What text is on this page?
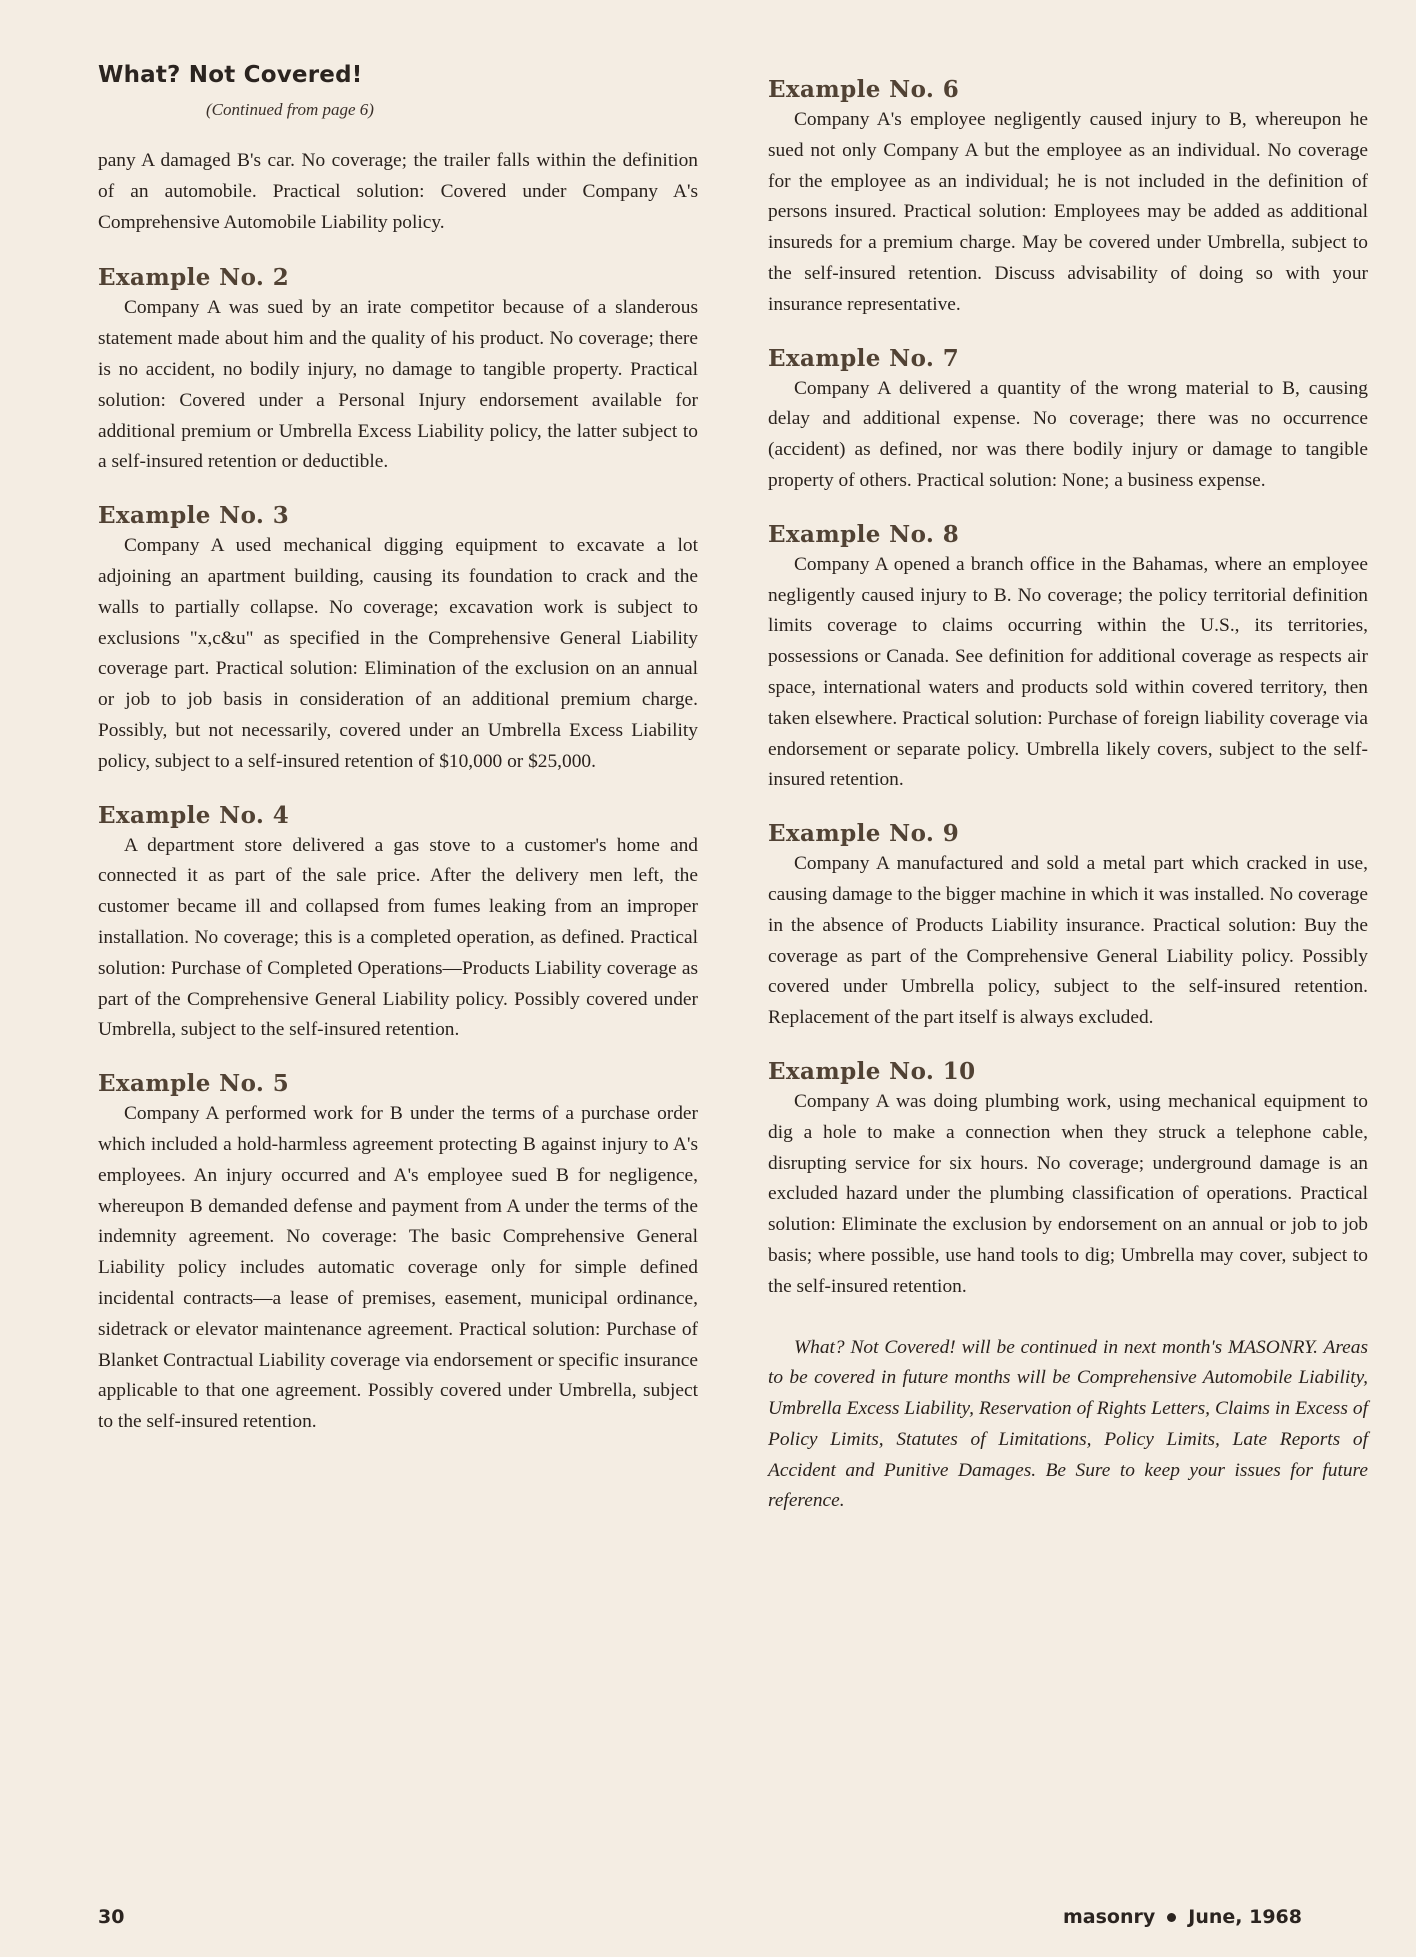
What? Not Covered!
(Continued from page 6)

pany A damaged B's car. No coverage; the trailer falls within the definition of an automobile. Practical solution: Covered under Company A's Comprehensive Automobile Liability policy.

Example No. 2

Company A was sued by an irate competitor because of a slanderous statement made about him and the quality of his product. No coverage; there is no accident, no bodily injury, no damage to tangible property. Practical solution: Covered under a Personal Injury endorsement available for additional premium or Umbrella Excess Liability policy, the latter subject to a self-insured retention or deductible.

Example No. 3

Company A used mechanical digging equipment to excavate a lot adjoining an apartment building, causing its foundation to crack and the walls to partially collapse. No coverage; excavation work is subject to exclusions "x,c&u" as specified in the Comprehensive General Liability coverage part. Practical solution: Elimination of the exclusion on an annual or job to job basis in consideration of an additional premium charge. Possibly, but not necessarily, covered under an Umbrella Excess Liability policy, subject to a self-insured retention of $10,000 or $25,000.

Example No. 4

A department store delivered a gas stove to a customer's home and connected it as part of the sale price. After the delivery men left, the customer became ill and collapsed from fumes leaking from an improper installation. No coverage; this is a completed operation, as defined. Practical solution: Purchase of Completed Operations—Products Liability coverage as part of the Comprehensive General Liability policy. Possibly covered under Umbrella, subject to the self-insured retention.

Example No. 5

Company A performed work for B under the terms of a purchase order which included a hold-harmless agreement protecting B against injury to A's employees. An injury occurred and A's employee sued B for negligence, whereupon B demanded defense and payment from A under the terms of the indemnity agreement. No coverage: The basic Comprehensive General Liability policy includes automatic coverage only for simple defined incidental contracts—a lease of premises, easement, municipal ordinance, sidetrack or elevator maintenance agreement. Practical solution: Purchase of Blanket Contractual Liability coverage via endorsement or specific insurance applicable to that one agreement. Possibly covered under Umbrella, subject to the self-insured retention.

Example No. 6

Company A's employee negligently caused injury to B, whereupon he sued not only Company A but the employee as an individual. No coverage for the employee as an individual; he is not included in the definition of persons insured. Practical solution: Employees may be added as additional insureds for a premium charge. May be covered under Umbrella, subject to the self-insured retention. Discuss advisability of doing so with your insurance representative.

Example No. 7

Company A delivered a quantity of the wrong material to B, causing delay and additional expense. No coverage; there was no occurrence (accident) as defined, nor was there bodily injury or damage to tangible property of others. Practical solution: None; a business expense.

Example No. 8

Company A opened a branch office in the Bahamas, where an employee negligently caused injury to B. No coverage; the policy territorial definition limits coverage to claims occurring within the U.S., its territories, possessions or Canada. See definition for additional coverage as respects air space, international waters and products sold within covered territory, then taken elsewhere. Practical solution: Purchase of foreign liability coverage via endorsement or separate policy. Umbrella likely covers, subject to the self-insured retention.

Example No. 9

Company A manufactured and sold a metal part which cracked in use, causing damage to the bigger machine in which it was installed. No coverage in the absence of Products Liability insurance. Practical solution: Buy the coverage as part of the Comprehensive General Liability policy. Possibly covered under Umbrella policy, subject to the self-insured retention. Replacement of the part itself is always excluded.

Example No. 10

Company A was doing plumbing work, using mechanical equipment to dig a hole to make a connection when they struck a telephone cable, disrupting service for six hours. No coverage; underground damage is an excluded hazard under the plumbing classification of operations. Practical solution: Eliminate the exclusion by endorsement on an annual or job to job basis; where possible, use hand tools to dig; Umbrella may cover, subject to the self-insured retention.

What? Not Covered! will be continued in next month's MASONRY. Areas to be covered in future months will be Comprehensive Automobile Liability, Umbrella Excess Liability, Reservation of Rights Letters, Claims in Excess of Policy Limits, Statutes of Limitations, Policy Limits, Late Reports of Accident and Punitive Damages. Be Sure to keep your issues for future reference.

30	masonry June, 1968
